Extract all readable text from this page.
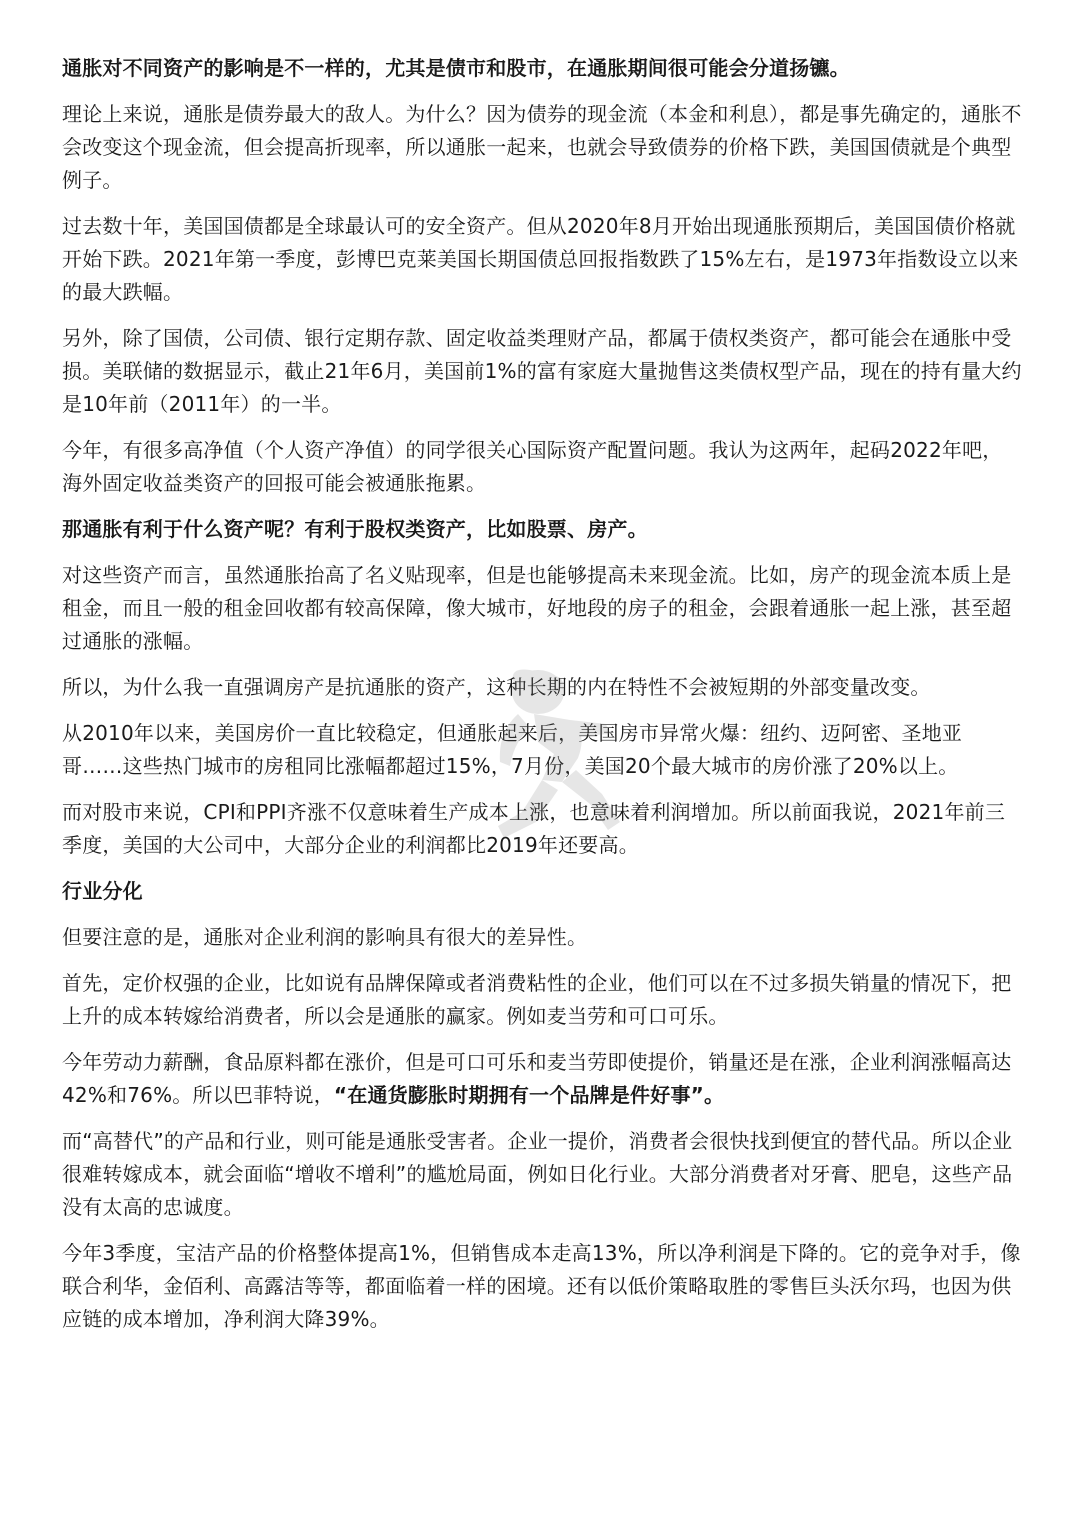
通胀对不同资产的影响是不一样的，尤其是债市和股市，在通胀期间很可能会分道扬镳。

理论上来说，通胀是债券最大的敌人。为什么？因为债券的现金流（本金和利息），都是事先确定的，通胀不会改变这个现金流，但会提高折现率，所以通胀一起来，也就会导致债券的价格下跌，美国国债就是个典型例子。

过去数十年，美国国债都是全球最认可的安全资产。但从2020年8月开始出现通胀预期后，美国国债价格就开始下跌。2021年第一季度，彭博巴克莱美国长期国债总回报指数跌了15%左右，是1973年指数设立以来的最大跌幅。

另外，除了国债，公司债、银行定期存款、固定收益类理财产品，都属于债权类资产，都可能会在通胀中受损。美联储的数据显示，截止21年6月，美国前1%的富有家庭大量抛售这类债权型产品，现在的持有量大约是10年前（2011年）的一半。

今年，有很多高净值（个人资产净值）的同学很关心国际资产配置问题。我认为这两年，起码2022年吧，海外固定收益类资产的回报可能会被通胀拖累。

那通胀有利于什么资产呢？有利于股权类资产，比如股票、房产。

对这些资产而言，虽然通胀抬高了名义贴现率，但是也能够提高未来现金流。比如，房产的现金流本质上是租金，而且一般的租金回收都有较高保障，像大城市，好地段的房子的租金，会跟着通胀一起上涨，甚至超过通胀的涨幅。

所以，为什么我一直强调房产是抗通胀的资产，这种长期的内在特性不会被短期的外部变量改变。

从2010年以来，美国房价一直比较稳定，但通胀起来后，美国房市异常火爆：纽约、迈阿密、圣地亚哥……这些热门城市的房租同比涨幅都超过15%，7月份，美国20个最大城市的房价涨了20%以上。

而对股市来说，CPI和PPI齐涨不仅意味着生产成本上涨，也意味着利润增加。所以前面我说，2021年前三季度，美国的大公司中，大部分企业的利润都比2019年还要高。

行业分化

但要注意的是，通胀对企业利润的影响具有很大的差异性。

首先，定价权强的企业，比如说有品牌保障或者消费粘性的企业，他们可以在不过多损失销量的情况下，把上升的成本转嫁给消费者，所以会是通胀的赢家。例如麦当劳和可口可乐。

今年劳动力薪酬，食品原料都在涨价，但是可口可乐和麦当劳即使提价，销量还是在涨，企业利润涨幅高达42%和76%。所以巴菲特说，“在通货膨胀时期拥有一个品牌是件好事”。

而“高替代”的产品和行业，则可能是通胀受害者。企业一提价，消费者会很快找到便宜的替代品。所以企业很难转嫁成本，就会面临“增收不增利”的尴尬局面，例如日化行业。大部分消费者对牙膏、肥皂，这些产品没有太高的忠诚度。

今年3季度，宝洁产品的价格整体提高1%，但销售成本走高13%，所以净利润是下降的。它的竞争对手，像联合利华，金佰利、高露洁等等，都面临着一样的困境。还有以低价策略取胜的零售巨头沃尔玛，也因为供应链的成本增加，净利润大降39%。
